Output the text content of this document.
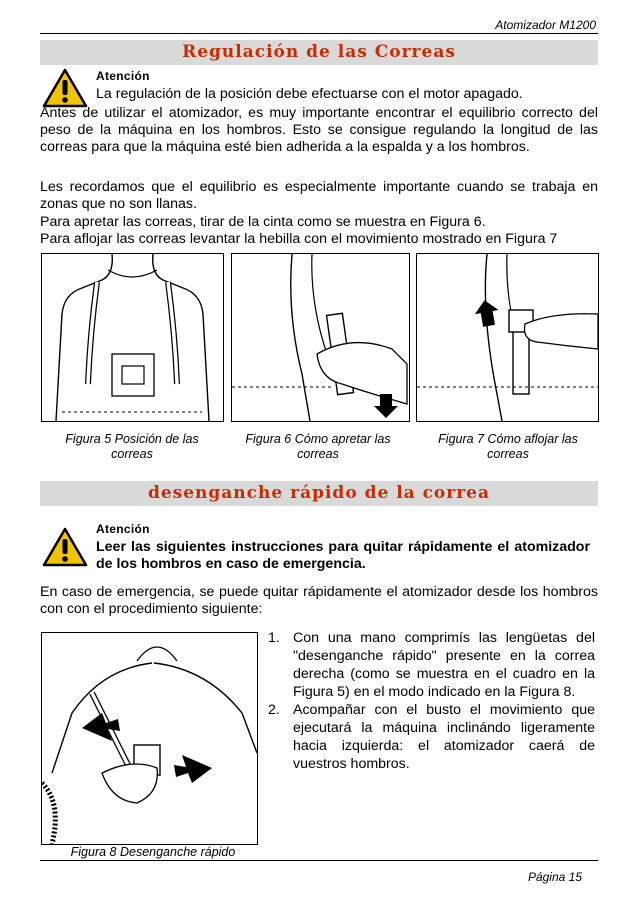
Atomizador M1200
Regulación de las Correas
Atención
La regulación de la posición debe efectuarse con el motor apagado.
Antes de utilizar el atomizador, es muy importante encontrar el equilibrio correcto del peso de la máquina en los hombros. Esto se consigue regulando la longitud de las correas para que la máquina esté bien adherida a la espalda y a los hombros.
Les recordamos que el equilibrio es especialmente importante cuando se trabaja en zonas que no son llanas.
Para apretar las correas, tirar de la cinta como se muestra en Figura 6.
Para aflojar las correas levantar la hebilla con el movimiento mostrado en Figura 7
Figura 5 Posición de las correas
Figura 6 Cómo apretar las correas
Figura 7 Cómo aflojar las correas
desenganche rápido de la correa
Atención
Leer las siguientes instrucciones para quitar rápidamente el atomizador de los hombros en caso de emergencia.
En caso de emergencia, se puede quitar rápidamente el atomizador desde los hombros con con el procedimiento siguiente:
Figura 8 Desenganche rápido
1. Con una mano comprimís las lengüetas del "desenganche rápido" presente en la correa derecha (como se muestra en el cuadro en la Figura 5) en el modo indicado en la Figura 8.
2. Acompañar con el busto el movimiento que ejecutará la máquina inclinándo ligeramente hacia izquierda: el atomizador caerá de vuestros hombros.
Página 15
